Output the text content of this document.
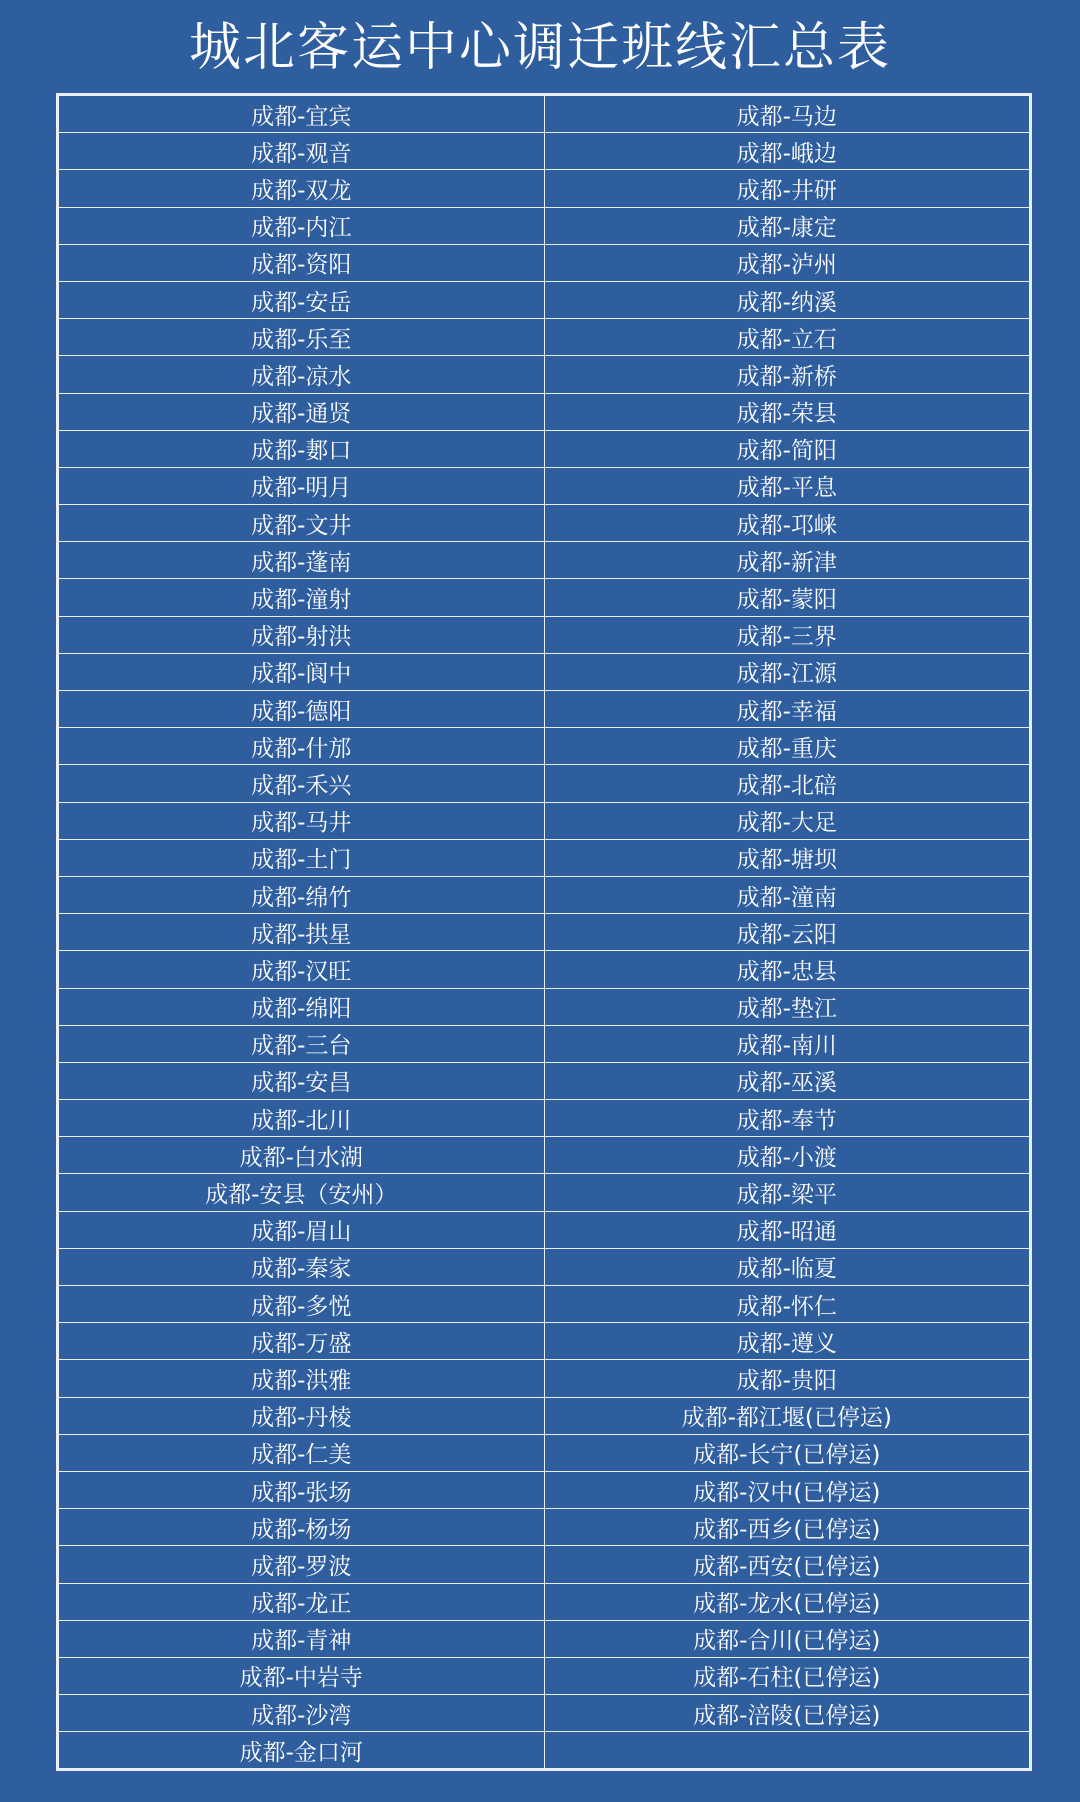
城北客运中心调迁班线汇总表
成都-宜宾	成都-马边
成都-观音	成都-峨边
成都-双龙	成都-井研
成都-内江	成都-康定
成都-资阳	成都-泸州
成都-安岳	成都-纳溪
成都-乐至	成都-立石
成都-凉水	成都-新桥
成都-通贤	成都-荣县
成都-郪口	成都-简阳
成都-明月	成都-平息
成都-文井	成都-邛崃
成都-蓬南	成都-新津
成都-潼射	成都-蒙阳
成都-射洪	成都-三界
成都-阆中	成都-江源
成都-德阳	成都-幸福
成都-什邡	成都-重庆
成都-禾兴	成都-北碚
成都-马井	成都-大足
成都-土门	成都-塘坝
成都-绵竹	成都-潼南
成都-拱星	成都-云阳
成都-汉旺	成都-忠县
成都-绵阳	成都-垫江
成都-三台	成都-南川
成都-安昌	成都-巫溪
成都-北川	成都-奉节
成都-白水湖	成都-小渡
成都-安县（安州）	成都-梁平
成都-眉山	成都-昭通
成都-秦家	成都-临夏
成都-多悦	成都-怀仁
成都-万盛	成都-遵义
成都-洪雅	成都-贵阳
成都-丹棱	成都-都江堰(已停运)
成都-仁美	成都-长宁(已停运)
成都-张场	成都-汉中(已停运)
成都-杨场	成都-西乡(已停运)
成都-罗波	成都-西安(已停运)
成都-龙正	成都-龙水(已停运)
成都-青神	成都-合川(已停运)
成都-中岩寺	成都-石柱(已停运)
成都-沙湾	成都-涪陵(已停运)
成都-金口河	
